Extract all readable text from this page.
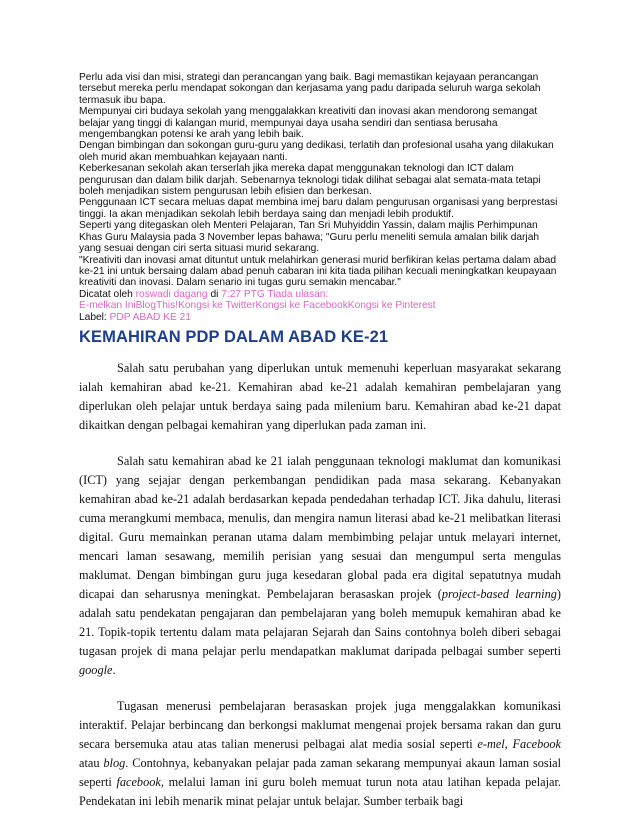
Perlu ada visi dan misi, strategi dan perancangan yang baik. Bagi memastikan kejayaan perancangan tersebut mereka perlu mendapat sokongan dan kerjasama yang padu daripada seluruh warga sekolah termasuk ibu bapa.

Mempunyai ciri budaya sekolah yang menggalakkan kreativiti dan inovasi akan mendorong semangat belajar yang tinggi di kalangan murid, mempunyai daya usaha sendiri dan sentiasa berusaha mengembangkan potensi ke arah yang lebih baik.

Dengan bimbingan dan sokongan guru-guru yang dedikasi, terlatih dan profesional usaha yang dilakukan oleh murid akan membuahkan kejayaan nanti.

Keberkesanan sekolah akan terserlah jika mereka dapat menggunakan teknologi dan ICT dalam pengurusan dan dalam bilik darjah. Sebenarnya teknologi tidak dilihat sebagai alat semata-mata tetapi boleh menjadikan sistem pengurusan lebih efisien dan berkesan.

Penggunaan ICT secara meluas dapat membina imej baru dalam pengurusan organisasi yang berprestasi tinggi. Ia akan menjadikan sekolah lebih berdaya saing dan menjadi lebih produktif.

Seperti yang ditegaskan oleh Menteri Pelajaran, Tan Sri Muhyiddin Yassin, dalam majlis Perhimpunan Khas Guru Malaysia pada 3 November lepas bahawa; "Guru perlu meneliti semula amalan bilik darjah yang sesuai dengan ciri serta situasi murid sekarang.

"Kreativiti dan inovasi amat dituntut untuk melahirkan generasi murid berfikiran kelas pertama dalam abad ke-21 ini untuk bersaing dalam abad penuh cabaran ini kita tiada pilihan kecuali meningkatkan keupayaan kreativiti dan inovasi. Dalam senario ini tugas guru semakin mencabar."

Dicatat oleh roswadi dagang di 7:27 PTG Tiada ulasan:
E-melkan IniBlogThis!Kongsi ke TwitterKongsi ke FacebookKongsi ke Pinterest
Label: PDP ABAD KE 21
KEMAHIRAN PDP DALAM ABAD KE-21

Salah satu perubahan yang diperlukan untuk memenuhi keperluan masyarakat sekarang ialah kemahiran abad ke-21. Kemahiran abad ke-21 adalah kemahiran pembelajaran yang diperlukan oleh pelajar untuk berdaya saing pada milenium baru. Kemahiran abad ke-21 dapat dikaitkan dengan pelbagai kemahiran yang diperlukan pada zaman ini.

Salah satu kemahiran abad ke 21 ialah penggunaan teknologi maklumat dan komunikasi (ICT) yang sejajar dengan perkembangan pendidikan pada masa sekarang. Kebanyakan kemahiran abad ke-21 adalah berdasarkan kepada pendedahan terhadap ICT. Jika dahulu, literasi cuma merangkumi membaca, menulis, dan mengira namun literasi abad ke-21 melibatkan literasi digital. Guru memainkan peranan utama dalam membimbing pelajar untuk melayari internet, mencari laman sesawang, memilih perisian yang sesuai dan mengumpul serta mengulas maklumat. Dengan bimbingan guru juga kesedaran global pada era digital sepatutnya mudah dicapai dan seharusnya meningkat. Pembelajaran berasaskan projek (project-based learning) adalah satu pendekatan pengajaran dan pembelajaran yang boleh memupuk kemahiran abad ke 21. Topik-topik tertentu dalam mata pelajaran Sejarah dan Sains contohnya boleh diberi sebagai tugasan projek di mana pelajar perlu mendapatkan maklumat daripada pelbagai sumber seperti google.

Tugasan menerusi pembelajaran berasaskan projek juga menggalakkan komunikasi interaktif. Pelajar berbincang dan berkongsi maklumat mengenai projek bersama rakan dan guru secara bersemuka atau atas talian menerusi pelbagai alat media sosial seperti e-mel, Facebook atau blog. Contohnya, kebanyakan pelajar pada zaman sekarang mempunyai akaun laman sosial seperti facebook, melalui laman ini guru boleh memuat turun nota atau latihan kepada pelajar. Pendekatan ini lebih menarik minat pelajar untuk belajar. Sumber terbaik bagi
